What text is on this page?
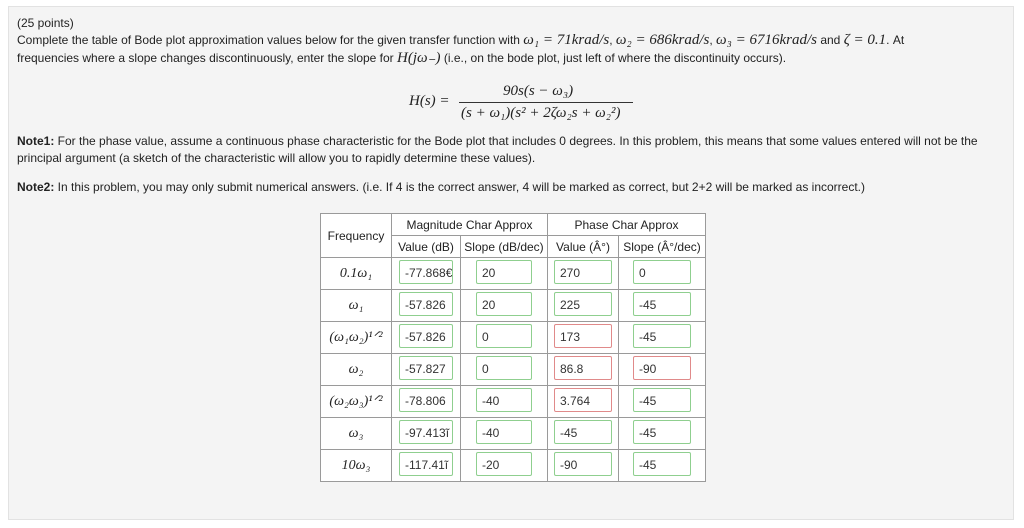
(25 points)

Complete the table of Bode plot approximation values below for the given transfer function with ω₁ = 71krad/s, ω₂ = 686krad/s, ω₃ = 6716krad/s and ζ = 0.1. At

frequencies where a slope changes discontinuously, enter the slope for H(jω₋) (i.e., on the bode plot, just left of where the discontinuity occurs).

H(s) =
90s(s − ω₃)
(s + ω₁)(s² + 2ζω₂s + ω₂²)

Note1: For the phase value, assume a continuous phase characteristic for the Bode plot that includes 0 degrees. In this problem, this means that some values entered will not be the

principal argument (a sketch of the characteristic will allow you to rapidly determine these values).

Note2: In this problem, you may only submit numerical answers. (i.e. If 4 is the correct answer, 4 will be marked as correct, but 2+2 will be marked as incorrect.)

Frequency	Magnitude Char Approx		Phase Char Approx	
	Value (dB)	Slope (dB/dec)	Value (Â°)	Slope (Â°/dec)
0.1ω₁	-77.868€	20	270	0
ω₁	-57.826	20	225	-45
(ω₁ω₂)¹ᐟ²	-57.826	0	173	-45
ω₂	-57.827	0	86.8	-90
(ω₂ω₃)¹ᐟ²	-78.806	-40	3.764	-45
ω₃	-97.413ĩ	-40	-45	-45
10ω₃	-117.41ĩ	-20	-90	-45
